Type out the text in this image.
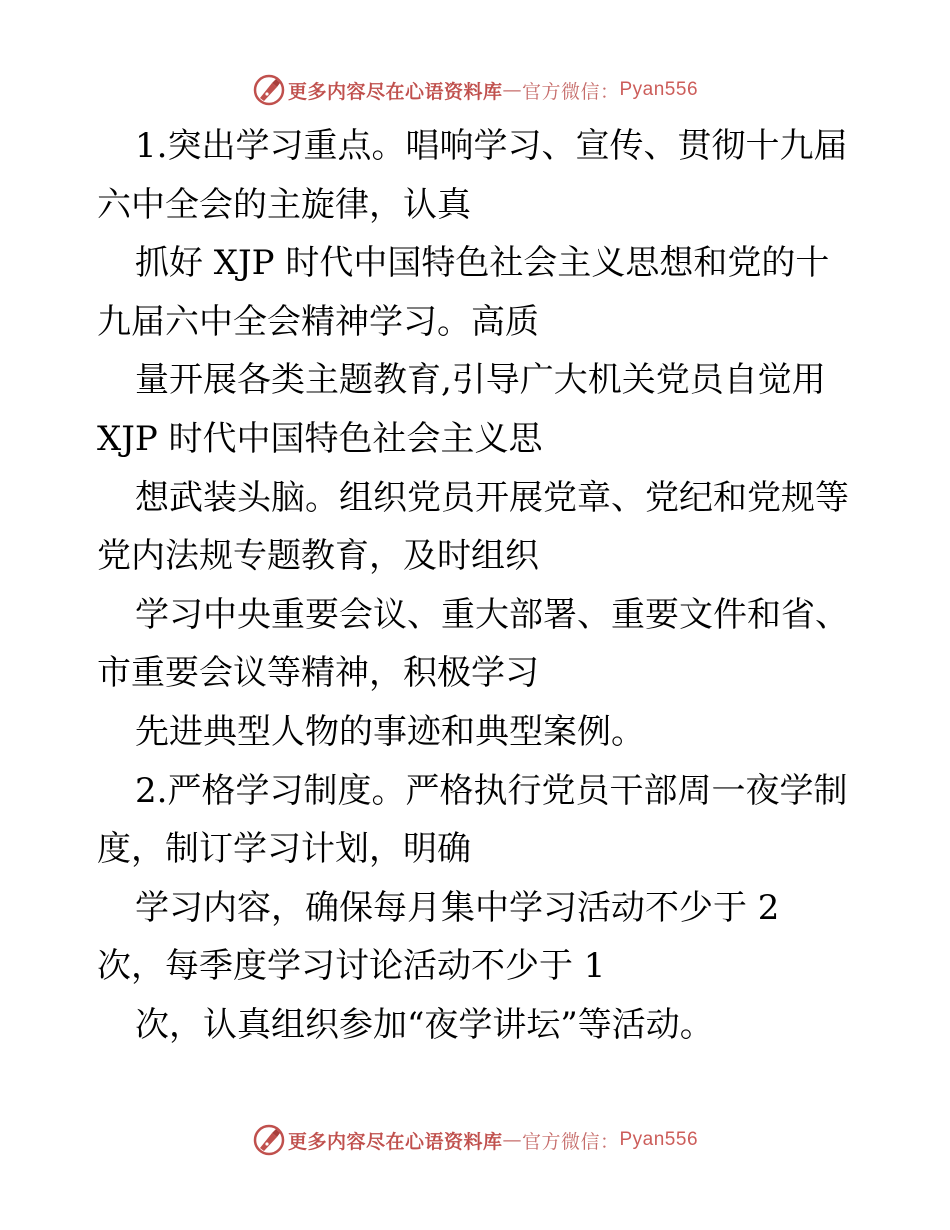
更多内容尽在心语资料库 — 官方微信： Pyan556
1.突出学习重点。唱响学习、宣传、贯彻十九届
六中全会的主旋律，认真
抓好 XJP 时代中国特色社会主义思想和党的十
九届六中全会精神学习。高质
量开展各类主题教育,引导广大机关党员自觉用
XJP 时代中国特色社会主义思
想武装头脑。组织党员开展党章、党纪和党规等
党内法规专题教育，及时组织
学习中央重要会议、重大部署、重要文件和省、
市重要会议等精神，积极学习
先进典型人物的事迹和典型案例。
2.严格学习制度。严格执行党员干部周一夜学制
度，制订学习计划，明确
学习内容，确保每月集中学习活动不少于 2
次，每季度学习讨论活动不少于 1
次，认真组织参加“夜学讲坛”等活动。
更多内容尽在心语资料库 — 官方微信： Pyan556
